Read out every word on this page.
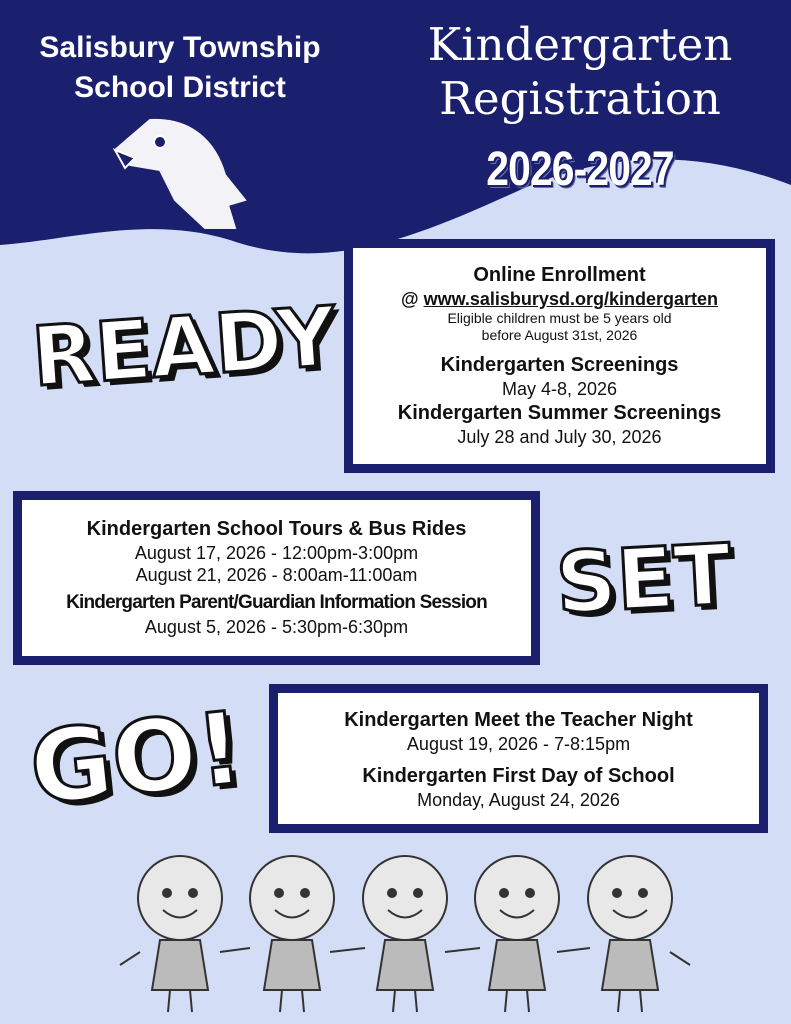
Salisbury Township
School District
Kindergarten
Registration
2026-2027
READY
SET
GO!
Online Enrollment
@ www.salisburysd.org/kindergarten
Eligible children must be 5 years old
before August 31st, 2026
Kindergarten Screenings
May 4-8, 2026
Kindergarten Summer Screenings
July 28 and July 30, 2026
Kindergarten School Tours & Bus Rides
August 17, 2026 - 12:00pm-3:00pm
August 21, 2026 - 8:00am-11:00am
Kindergarten Parent/Guardian Information Session
August 5, 2026 - 5:30pm-6:30pm
Kindergarten Meet the Teacher Night
August 19, 2026 - 7-8:15pm
Kindergarten First Day of School
Monday, August 24, 2026
